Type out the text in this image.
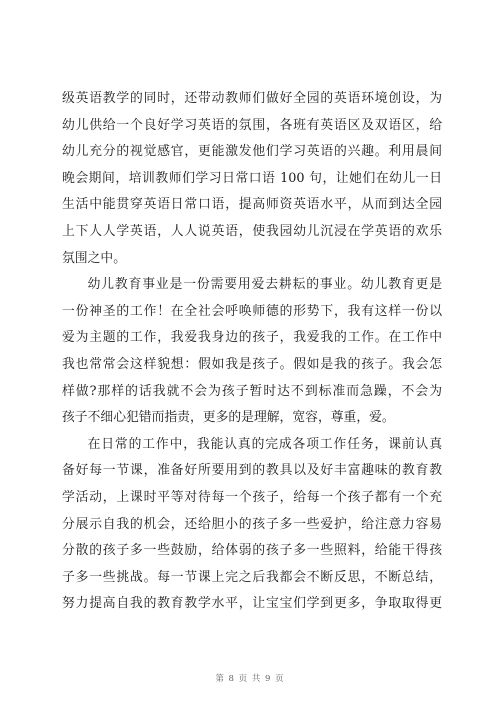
级英语教学的同时，还带动教师们做好全园的英语环境创设，为
幼儿供给一个良好学习英语的氛围，各班有英语区及双语区，给
幼儿充分的视觉感官，更能激发他们学习英语的兴趣。利用晨间
晚会期间，培训教师们学习日常口语 100 句，让她们在幼儿一日
生活中能贯穿英语日常口语，提高师资英语水平，从而到达全园
上下人人学英语，人人说英语，使我园幼儿沉浸在学英语的欢乐
氛围之中。
幼儿教育事业是一份需要用爱去耕耘的事业。幼儿教育更是
一份神圣的工作！在全社会呼唤师德的形势下，我有这样一份以
爱为主题的工作，我爱我身边的孩子，我爱我的工作。在工作中
我也常常会这样貌想：假如我是孩子。假如是我的孩子。我会怎
样做?那样的话我就不会为孩子暂时达不到标准而急躁，不会为
孩子不细心犯错而指责，更多的是理解，宽容，尊重，爱。
在日常的工作中，我能认真的完成各项工作任务，课前认真
备好每一节课，准备好所要用到的教具以及好丰富趣味的教育教
学活动，上课时平等对待每一个孩子，给每一个孩子都有一个充
分展示自我的机会，还给胆小的孩子多一些爱护，给注意力容易
分散的孩子多一些鼓励，给体弱的孩子多一些照料，给能干得孩
子多一些挑战。每一节课上完之后我都会不断反思，不断总结，
努力提高自我的教育教学水平，让宝宝们学到更多，争取取得更
第 8 页 共 9 页
